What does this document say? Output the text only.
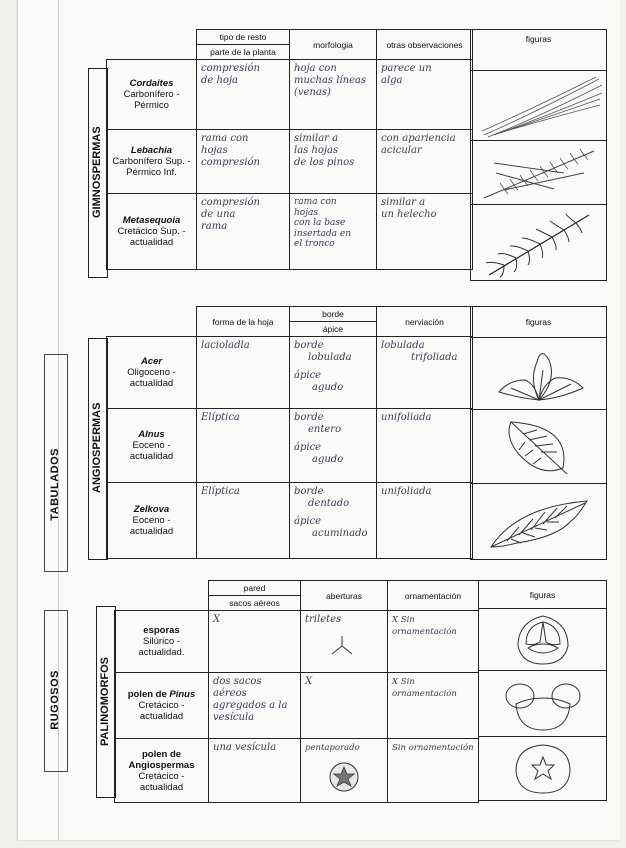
TABULADOS
RUGOSOS
GIMNOSPERMAS
	tipo de resto	morfologia	otras observaciones
	parte de la planta		

Cordaites
Carbonífero -
Pérmico	compresión
de hoja	hoja con
muchas líneas
(venas)	parece un
alga

Lebachia
Carbonífero Sup. -
Pérmico Inf.	rama con
hojas
compresión	similar a
las hojas
de los pinos	con apariencia
acicular

Metasequoia
Cretácico Sup. -
actualidad	compresión
de una
rama	rama con
hojas
con la base
insertada en
el tronco	similar a
un helecho
figuras

ANGIOSPERMAS
	forma de la hoja	borde	nerviación
		ápice	

Acer
Oligoceno -
actualidad	lacioladla	borde
lobulada
ápice
agudo	lobulada
trifoliada

Alnus
Eoceno -
actualidad	Elíptica	borde
entero
ápice
agudo	unifoliada

Zelkova
Eoceno -
actualidad	Elíptica	borde
dentado
ápice
acuminado	unifoliada
figuras

PALINOMORFOS
	pared	aberturas	ornamentación
	sacos aéreos		

esporas
Silúrico -
actualidad.	X	triletes	X Sin ornamentación

polen de Pinus
Cretácico -
actualidad	dos sacos aéreos
agregados a la
vesícula	X	X Sin ornamentación

polen de
Angiospermas
Cretácico -
actualidad	una vesícula	pentaporado	Sin ornamentación
figuras
